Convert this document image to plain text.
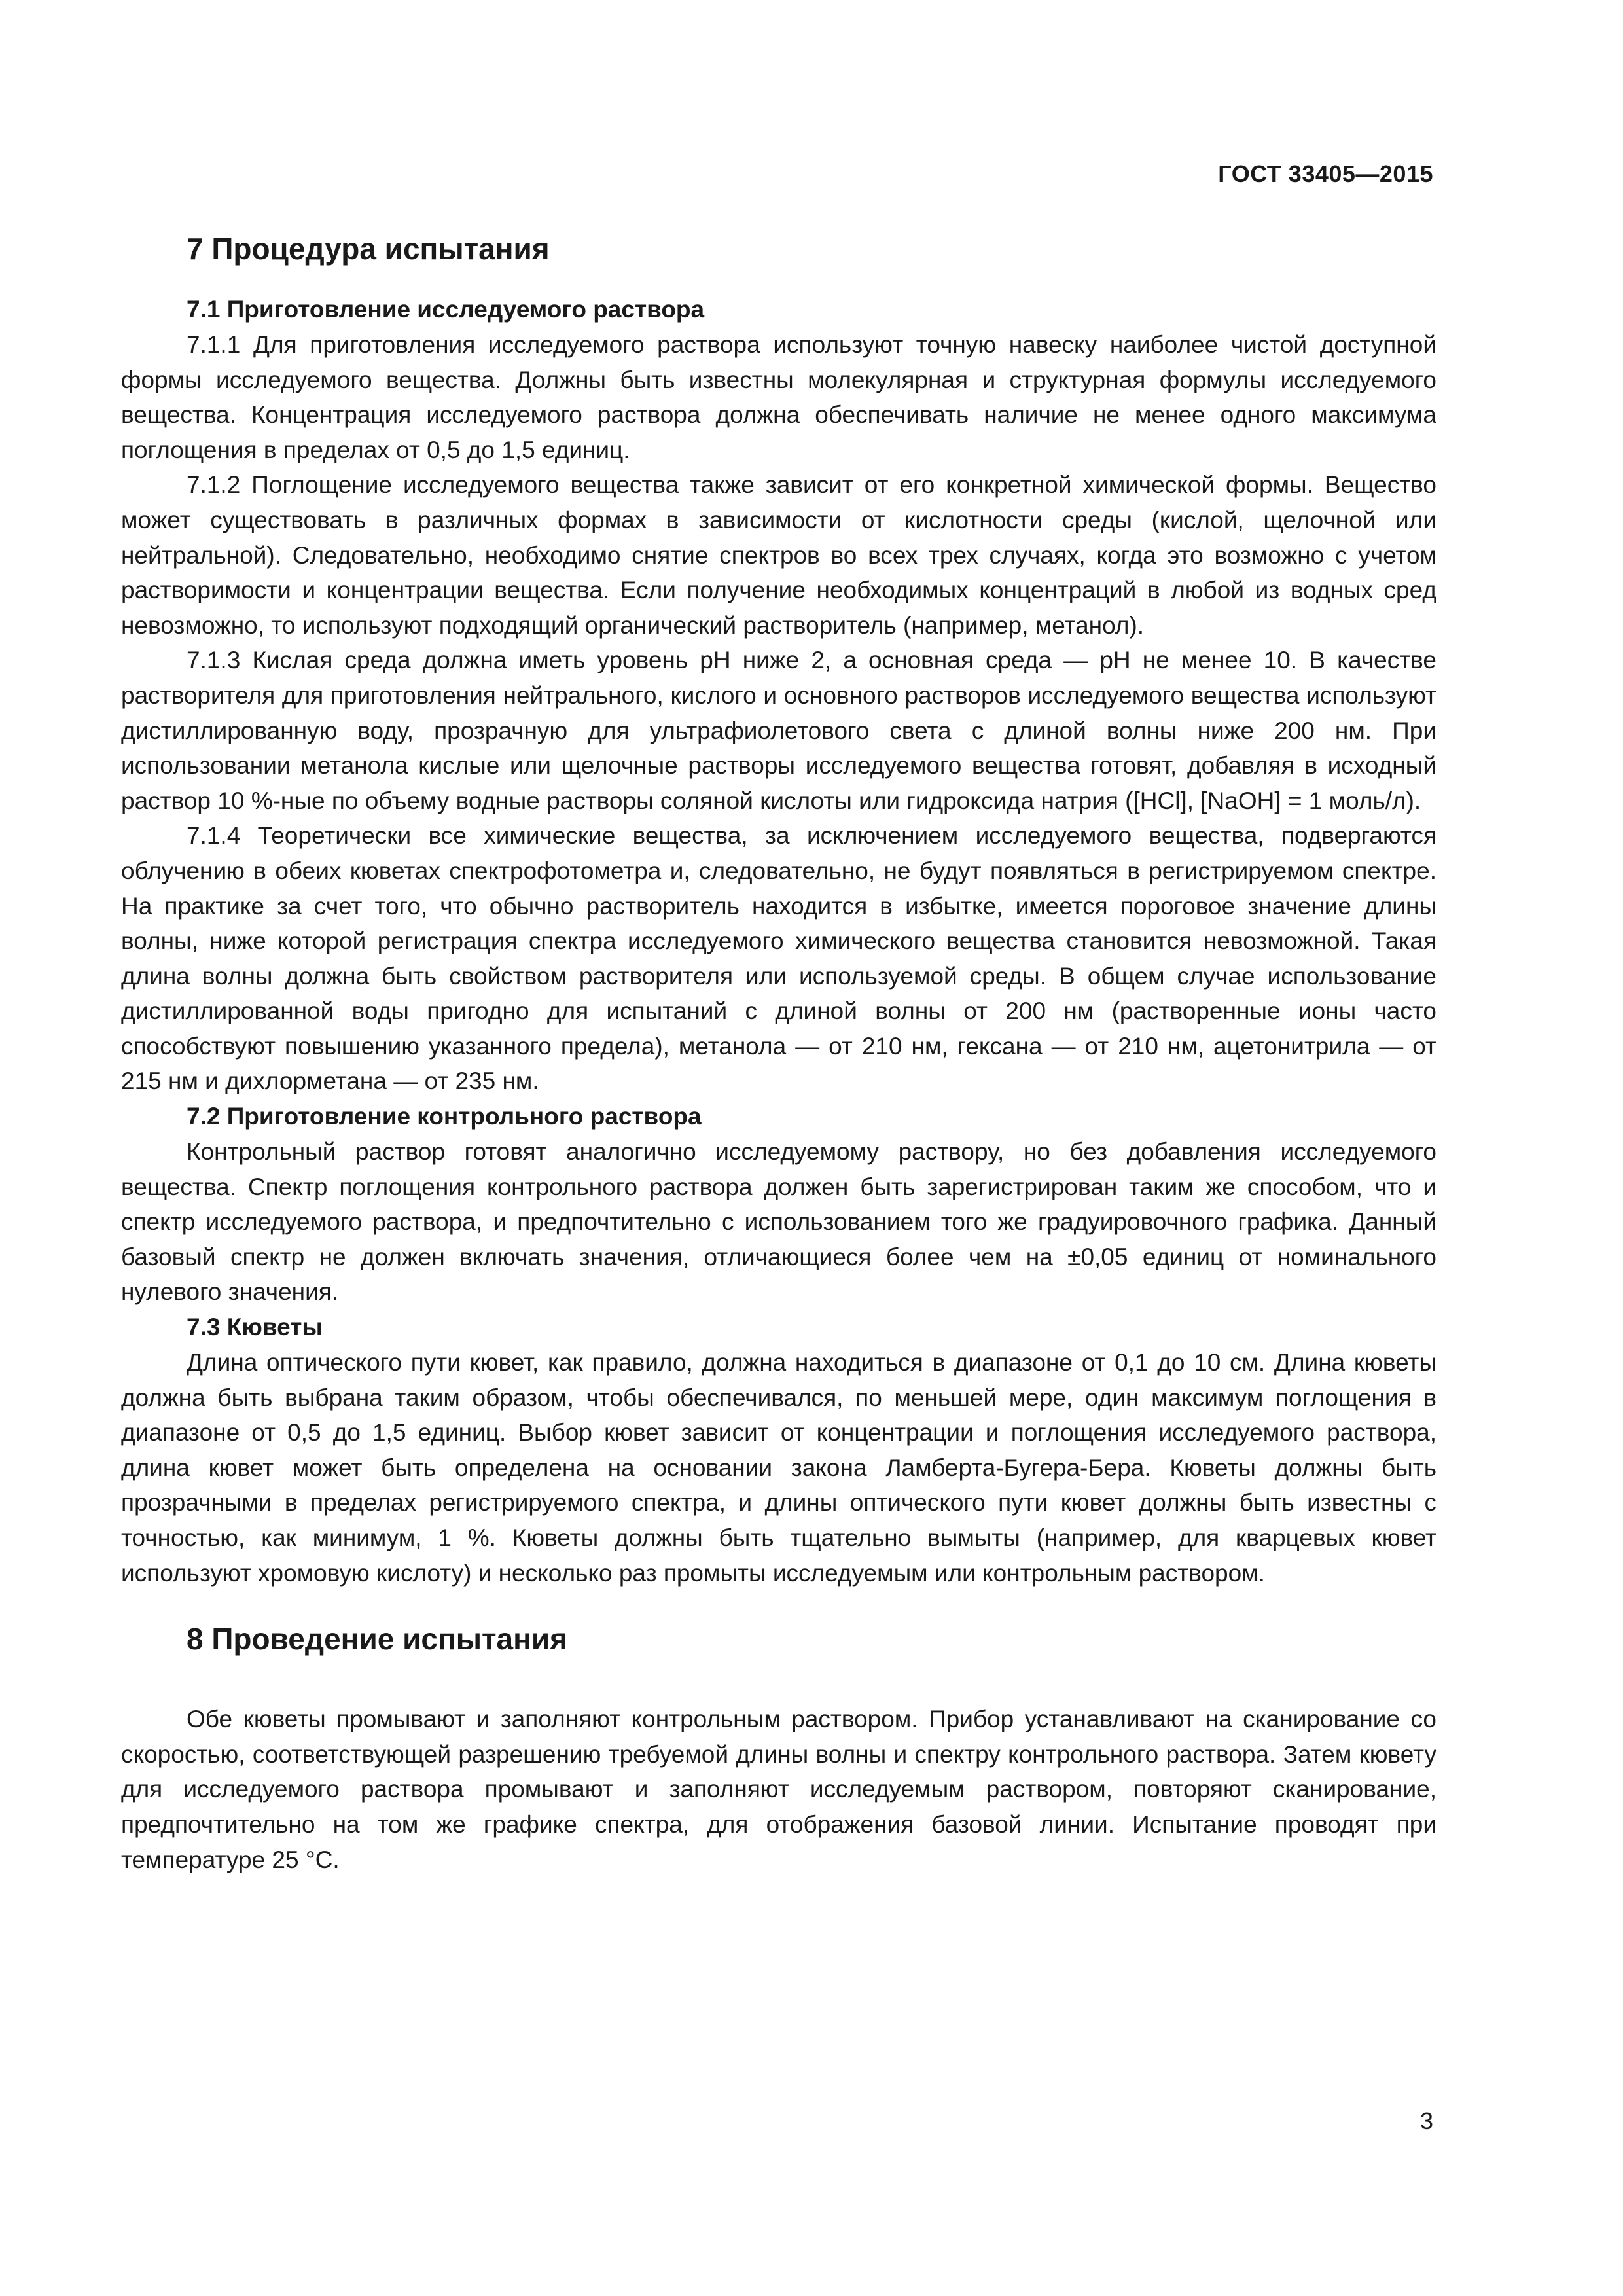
ГОСТ 33405—2015
7 Процедура испытания
7.1 Приготовление исследуемого раствора

7.1.1 Для приготовления исследуемого раствора используют точную навеску наиболее чистой доступной формы исследуемого вещества. Должны быть известны молекулярная и структурная формулы исследуемого вещества. Концентрация исследуемого раствора должна обеспечивать наличие не менее одного максимума поглощения в пределах от 0,5 до 1,5 единиц.

7.1.2 Поглощение исследуемого вещества также зависит от его конкретной химической формы. Вещество может существовать в различных формах в зависимости от кислотности среды (кислой, щелочной или нейтральной). Следовательно, необходимо снятие спектров во всех трех случаях, когда это возможно с учетом растворимости и концентрации вещества. Если получение необходимых концентраций в любой из водных сред невозможно, то используют подходящий органический растворитель (например, метанол).

7.1.3 Кислая среда должна иметь уровень pH ниже 2, а основная среда — pH не менее 10. В качестве растворителя для приготовления нейтрального, кислого и основного растворов исследуемого вещества используют дистиллированную воду, прозрачную для ультрафиолетового света с длиной волны ниже 200 нм. При использовании метанола кислые или щелочные растворы исследуемого вещества готовят, добавляя в исходный раствор 10 %-ные по объему водные растворы соляной кислоты или гидроксида натрия ([HCl], [NaOH] = 1 моль/л).

7.1.4 Теоретически все химические вещества, за исключением исследуемого вещества, подвергаются облучению в обеих кюветах спектрофотометра и, следовательно, не будут появляться в регистрируемом спектре. На практике за счет того, что обычно растворитель находится в избытке, имеется пороговое значение длины волны, ниже которой регистрация спектра исследуемого химического вещества становится невозможной. Такая длина волны должна быть свойством растворителя или используемой среды. В общем случае использование дистиллированной воды пригодно для испытаний с длиной волны от 200 нм (растворенные ионы часто способствуют повышению указанного предела), метанола — от 210 нм, гексана — от 210 нм, ацетонитрила — от 215 нм и дихлорметана — от 235 нм.

7.2 Приготовление контрольного раствора

Контрольный раствор готовят аналогично исследуемому раствору, но без добавления исследуемого вещества. Спектр поглощения контрольного раствора должен быть зарегистрирован таким же способом, что и спектр исследуемого раствора, и предпочтительно с использованием того же градуировочного графика. Данный базовый спектр не должен включать значения, отличающиеся более чем на ±0,05 единиц от номинального нулевого значения.

7.3 Кюветы

Длина оптического пути кювет, как правило, должна находиться в диапазоне от 0,1 до 10 см. Длина кюветы должна быть выбрана таким образом, чтобы обеспечивался, по меньшей мере, один максимум поглощения в диапазоне от 0,5 до 1,5 единиц. Выбор кювет зависит от концентрации и поглощения исследуемого раствора, длина кювет может быть определена на основании закона Ламберта-Бугера-Бера. Кюветы должны быть прозрачными в пределах регистрируемого спектра, и длины оптического пути кювет должны быть известны с точностью, как минимум, 1 %. Кюветы должны быть тщательно вымыты (например, для кварцевых кювет используют хромовую кислоту) и несколько раз промыты исследуемым или контрольным раствором.

8 Проведение испытания

Обе кюветы промывают и заполняют контрольным раствором. Прибор устанавливают на сканирование со скоростью, соответствующей разрешению требуемой длины волны и спектру контрольного раствора. Затем кювету для исследуемого раствора промывают и заполняют исследуемым раствором, повторяют сканирование, предпочтительно на том же графике спектра, для отображения базовой линии. Испытание проводят при температуре 25 °С.

3
